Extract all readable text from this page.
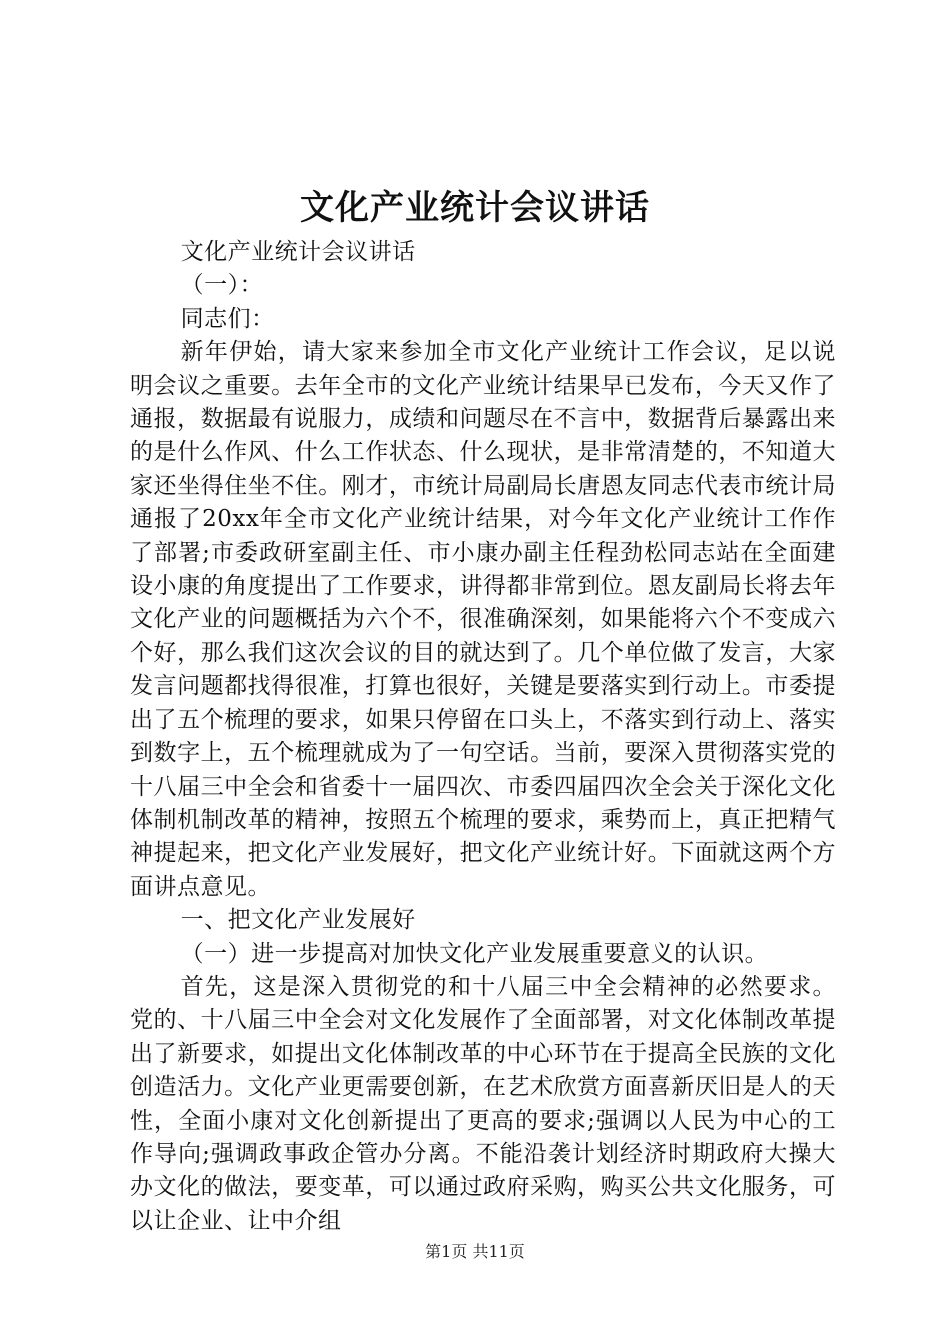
文化产业统计会议讲话

文化产业统计会议讲话

（一）：

同志们：

新年伊始，请大家来参加全市文化产业统计工作会议，足以说明会议之重要。去年全市的文化产业统计结果早已发布，今天又作了通报，数据最有说服力，成绩和问题尽在不言中，数据背后暴露出来的是什么作风、什么工作状态、什么现状，是非常清楚的，不知道大家还坐得住坐不住。刚才，市统计局副局长唐恩友同志代表市统计局通报了20xx年全市文化产业统计结果，对今年文化产业统计工作作了部署;市委政研室副主任、市小康办副主任程劲松同志站在全面建设小康的角度提出了工作要求，讲得都非常到位。恩友副局长将去年文化产业的问题概括为六个不，很准确深刻，如果能将六个不变成六个好，那么我们这次会议的目的就达到了。几个单位做了发言，大家发言问题都找得很准，打算也很好，关键是要落实到行动上。市委提出了五个梳理的要求，如果只停留在口头上，不落实到行动上、落实到数字上，五个梳理就成为了一句空话。当前，要深入贯彻落实党的十八届三中全会和省委十一届四次、市委四届四次全会关于深化文化体制机制改革的精神，按照五个梳理的要求，乘势而上，真正把精气神提起来，把文化产业发展好，把文化产业统计好。下面就这两个方面讲点意见。

一、把文化产业发展好

（一）进一步提高对加快文化产业发展重要意义的认识。

首先，这是深入贯彻党的和十八届三中全会精神的必然要求。党的、十八届三中全会对文化发展作了全面部署，对文化体制改革提出了新要求，如提出文化体制改革的中心环节在于提高全民族的文化创造活力。文化产业更需要创新，在艺术欣赏方面喜新厌旧是人的天性，全面小康对文化创新提出了更高的要求;强调以人民为中心的工作导向;强调政事政企管办分离。不能沿袭计划经济时期政府大操大办文化的做法，要变革，可以通过政府采购，购买公共文化服务，可以让企业、让中介组

第1页 共11页
